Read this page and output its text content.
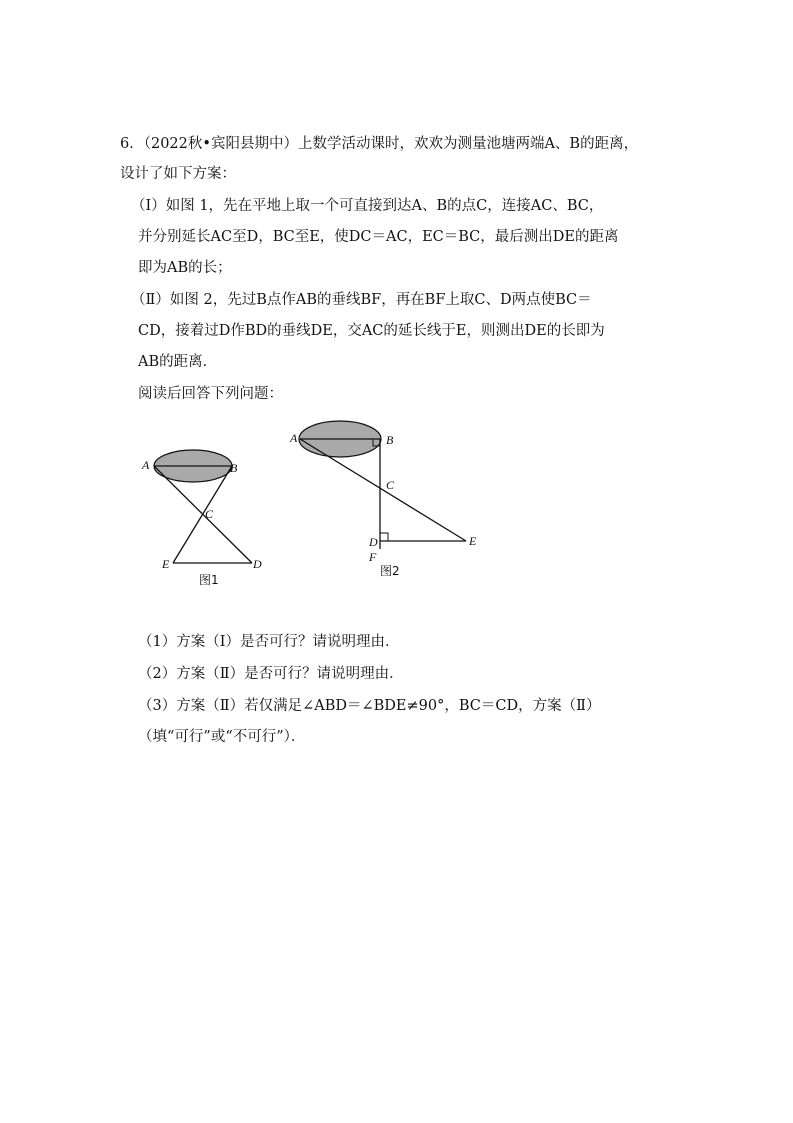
6．（2022秋•宾阳县期中）上数学活动课时，欢欢为测量池塘两端A、B的距离，
设计了如下方案：
（Ⅰ）如图 1，先在平地上取一个可直接到达A、B的点C，连接AC、BC，
并分别延长AC至D，BC至E，使DC＝AC，EC＝BC，最后测出DE的距离
即为AB的长；
（Ⅱ）如图 2，先过B点作AB的垂线BF，再在BF上取C、D两点使BC＝
CD，接着过D作BD的垂线DE，交AC的延长线于E，则测出DE的长即为
AB的距离．
阅读后回答下列问题：
A	B
C
E	D
图1
A	B
C
D	E
F
图2
（1）方案（Ⅰ）是否可行？请说明理由．
（2）方案（Ⅱ）是否可行？请说明理由．
（3）方案（Ⅱ）若仅满足∠ABD＝∠BDE≠90°，BC＝CD，方案（Ⅱ）
（填“可行”或“不可行”）．
